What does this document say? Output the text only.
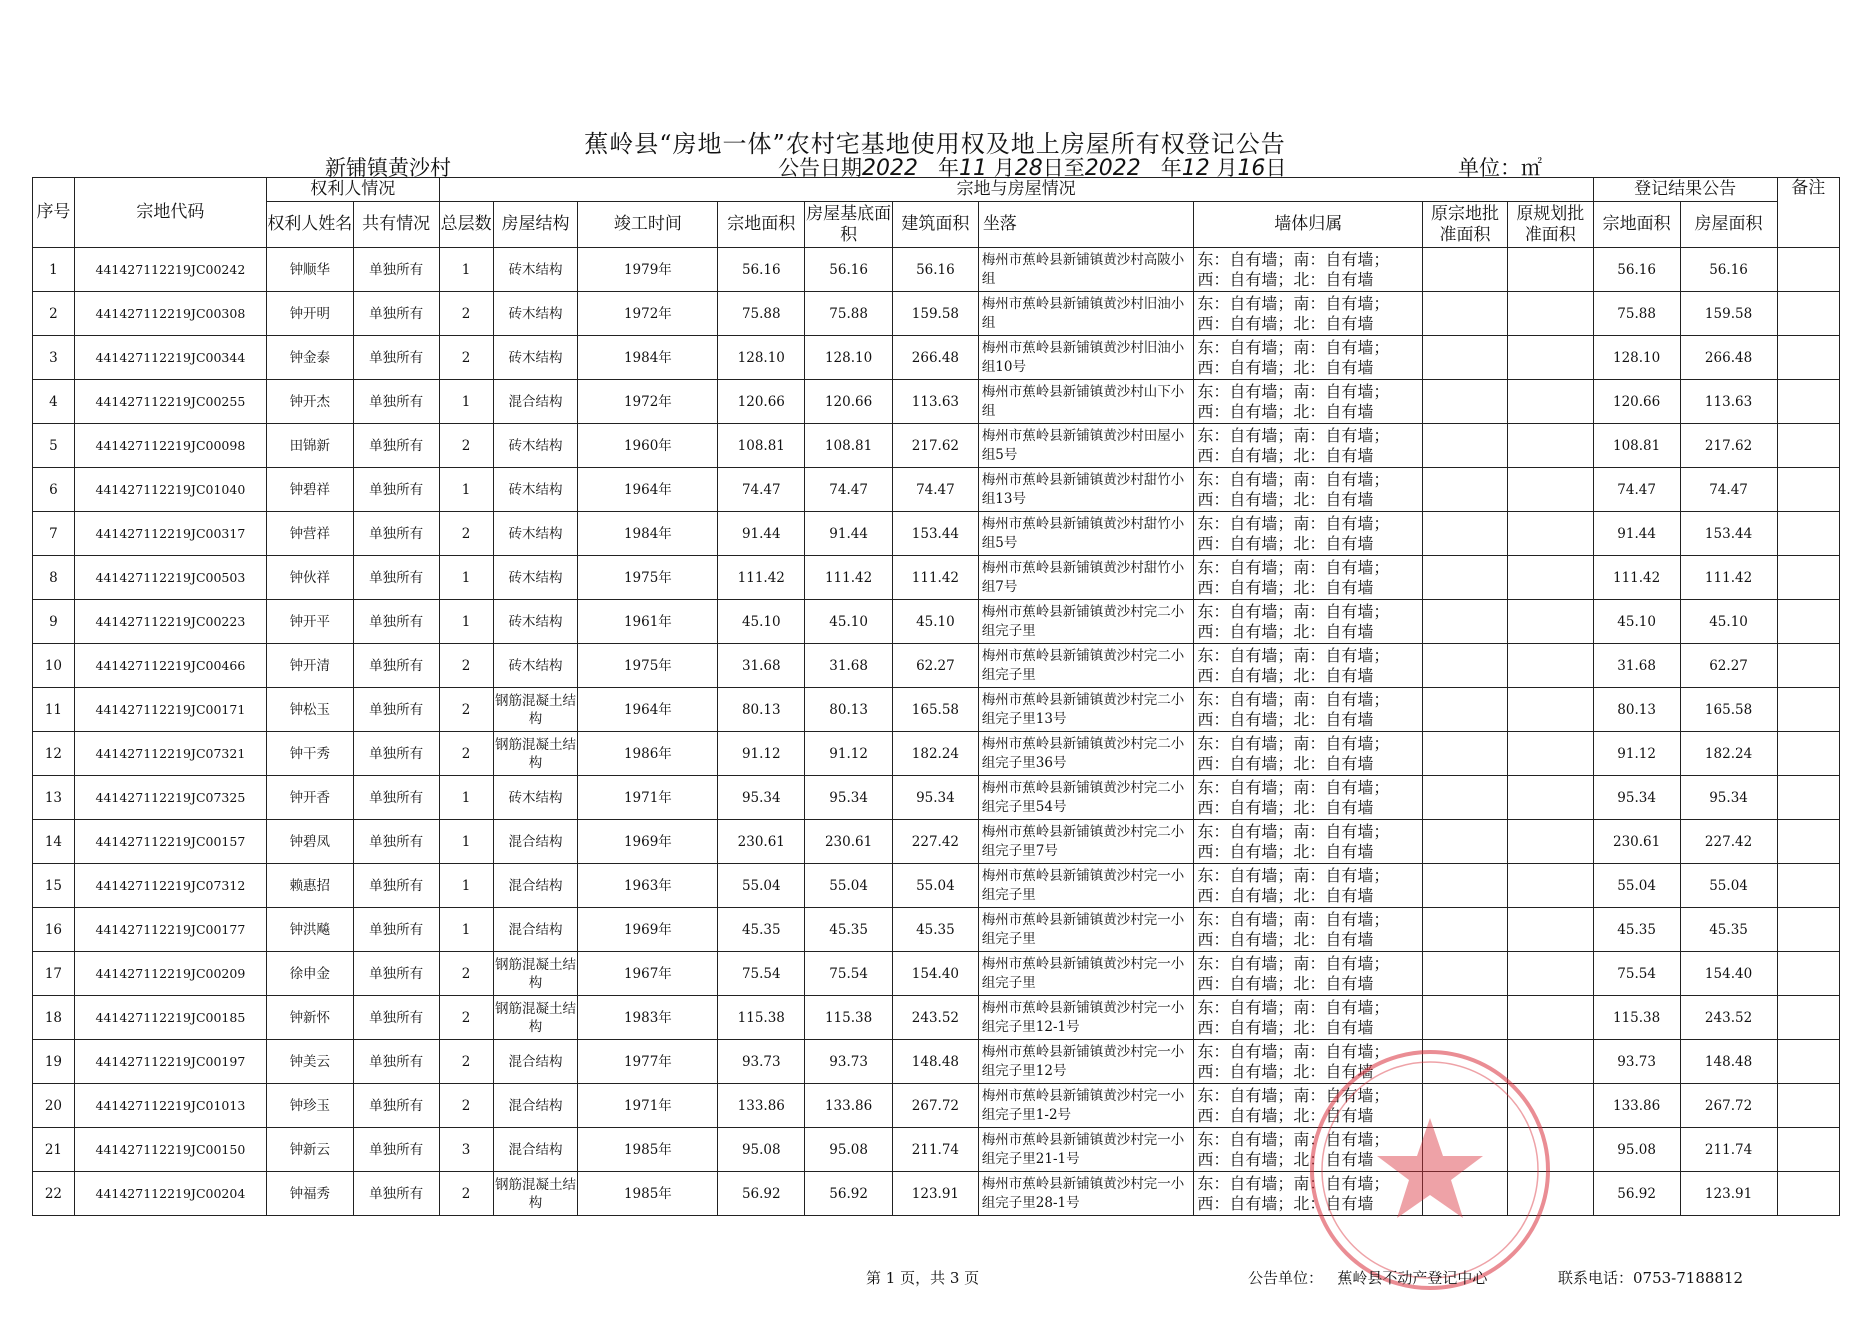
蕉岭县“房地一体”农村宅基地使用权及地上房屋所有权登记公告
新铺镇黄沙村	公告日期2022 年11 月28日至2022 年12 月16日	单位：㎡
序号	宗地代码	权利人情况		宗地与房屋情况										登记结果公告		备注
		权利人姓名	共有情况	总层数	房屋结构	竣工时间	宗地面积	房屋基底面积	建筑面积	坐落	墙体归属	原宗地批准面积	原规划批准面积	宗地面积	房屋面积	
1	441427112219JC00242	钟顺华	单独所有	1	砖木结构	1979年	56.16	56.16	56.16	梅州市蕉岭县新铺镇黄沙村高陂小组	东：自有墙；南：自有墙；
西：自有墙；北：自有墙			56.16	56.16	
2	441427112219JC00308	钟开明	单独所有	2	砖木结构	1972年	75.88	75.88	159.58	梅州市蕉岭县新铺镇黄沙村旧油小组	东：自有墙；南：自有墙；
西：自有墙；北：自有墙			75.88	159.58	
3	441427112219JC00344	钟金泰	单独所有	2	砖木结构	1984年	128.10	128.10	266.48	梅州市蕉岭县新铺镇黄沙村旧油小组10号	东：自有墙；南：自有墙；
西：自有墙；北：自有墙			128.10	266.48	
4	441427112219JC00255	钟开杰	单独所有	1	混合结构	1972年	120.66	120.66	113.63	梅州市蕉岭县新铺镇黄沙村山下小组	东：自有墙；南：自有墙；
西：自有墙；北：自有墙			120.66	113.63	
5	441427112219JC00098	田锦新	单独所有	2	砖木结构	1960年	108.81	108.81	217.62	梅州市蕉岭县新铺镇黄沙村田屋小组5号	东：自有墙；南：自有墙；
西：自有墙；北：自有墙			108.81	217.62	
6	441427112219JC01040	钟碧祥	单独所有	1	砖木结构	1964年	74.47	74.47	74.47	梅州市蕉岭县新铺镇黄沙村甜竹小组13号	东：自有墙；南：自有墙；
西：自有墙；北：自有墙			74.47	74.47	
7	441427112219JC00317	钟营祥	单独所有	2	砖木结构	1984年	91.44	91.44	153.44	梅州市蕉岭县新铺镇黄沙村甜竹小组5号	东：自有墙；南：自有墙；
西：自有墙；北：自有墙			91.44	153.44	
8	441427112219JC00503	钟伙祥	单独所有	1	砖木结构	1975年	111.42	111.42	111.42	梅州市蕉岭县新铺镇黄沙村甜竹小组7号	东：自有墙；南：自有墙；
西：自有墙；北：自有墙			111.42	111.42	
9	441427112219JC00223	钟开平	单独所有	1	砖木结构	1961年	45.10	45.10	45.10	梅州市蕉岭县新铺镇黄沙村完二小组完子里	东：自有墙；南：自有墙；
西：自有墙；北：自有墙			45.10	45.10	
10	441427112219JC00466	钟开清	单独所有	2	砖木结构	1975年	31.68	31.68	62.27	梅州市蕉岭县新铺镇黄沙村完二小组完子里	东：自有墙；南：自有墙；
西：自有墙；北：自有墙			31.68	62.27	
11	441427112219JC00171	钟松玉	单独所有	2	钢筋混凝土结构	1964年	80.13	80.13	165.58	梅州市蕉岭县新铺镇黄沙村完二小组完子里13号	东：自有墙；南：自有墙；
西：自有墙；北：自有墙			80.13	165.58	
12	441427112219JC07321	钟干秀	单独所有	2	钢筋混凝土结构	1986年	91.12	91.12	182.24	梅州市蕉岭县新铺镇黄沙村完二小组完子里36号	东：自有墙；南：自有墙；
西：自有墙；北：自有墙			91.12	182.24	
13	441427112219JC07325	钟开香	单独所有	1	砖木结构	1971年	95.34	95.34	95.34	梅州市蕉岭县新铺镇黄沙村完二小组完子里54号	东：自有墙；南：自有墙；
西：自有墙；北：自有墙			95.34	95.34	
14	441427112219JC00157	钟碧凤	单独所有	1	混合结构	1969年	230.61	230.61	227.42	梅州市蕉岭县新铺镇黄沙村完二小组完子里7号	东：自有墙；南：自有墙；
西：自有墙；北：自有墙			230.61	227.42	
15	441427112219JC07312	赖惠招	单独所有	1	混合结构	1963年	55.04	55.04	55.04	梅州市蕉岭县新铺镇黄沙村完一小组完子里	东：自有墙；南：自有墙；
西：自有墙；北：自有墙			55.04	55.04	
16	441427112219JC00177	钟洪飚	单独所有	1	混合结构	1969年	45.35	45.35	45.35	梅州市蕉岭县新铺镇黄沙村完一小组完子里	东：自有墙；南：自有墙；
西：自有墙；北：自有墙			45.35	45.35	
17	441427112219JC00209	徐申金	单独所有	2	钢筋混凝土结构	1967年	75.54	75.54	154.40	梅州市蕉岭县新铺镇黄沙村完一小组完子里	东：自有墙；南：自有墙；
西：自有墙；北：自有墙			75.54	154.40	
18	441427112219JC00185	钟新怀	单独所有	2	钢筋混凝土结构	1983年	115.38	115.38	243.52	梅州市蕉岭县新铺镇黄沙村完一小组完子里12-1号	东：自有墙；南：自有墙；
西：自有墙；北：自有墙			115.38	243.52	
19	441427112219JC00197	钟美云	单独所有	2	混合结构	1977年	93.73	93.73	148.48	梅州市蕉岭县新铺镇黄沙村完一小组完子里12号	东：自有墙；南：自有墙；
西：自有墙；北：自有墙			93.73	148.48	
20	441427112219JC01013	钟珍玉	单独所有	2	混合结构	1971年	133.86	133.86	267.72	梅州市蕉岭县新铺镇黄沙村完一小组完子里1-2号	东：自有墙；南：自有墙；
西：自有墙；北：自有墙			133.86	267.72	
21	441427112219JC00150	钟新云	单独所有	3	混合结构	1985年	95.08	95.08	211.74	梅州市蕉岭县新铺镇黄沙村完一小组完子里21-1号	东：自有墙；南：自有墙；
西：自有墙；北：自有墙			95.08	211.74	
22	441427112219JC00204	钟福秀	单独所有	2	钢筋混凝土结构	1985年	56.92	56.92	123.91	梅州市蕉岭县新铺镇黄沙村完一小组完子里28-1号	东：自有墙；南：自有墙；
西：自有墙；北：自有墙			56.92	123.91	
第 1 页，共 3 页	公告单位： 蕉岭县不动产登记中心	联系电话：0753-7188812
